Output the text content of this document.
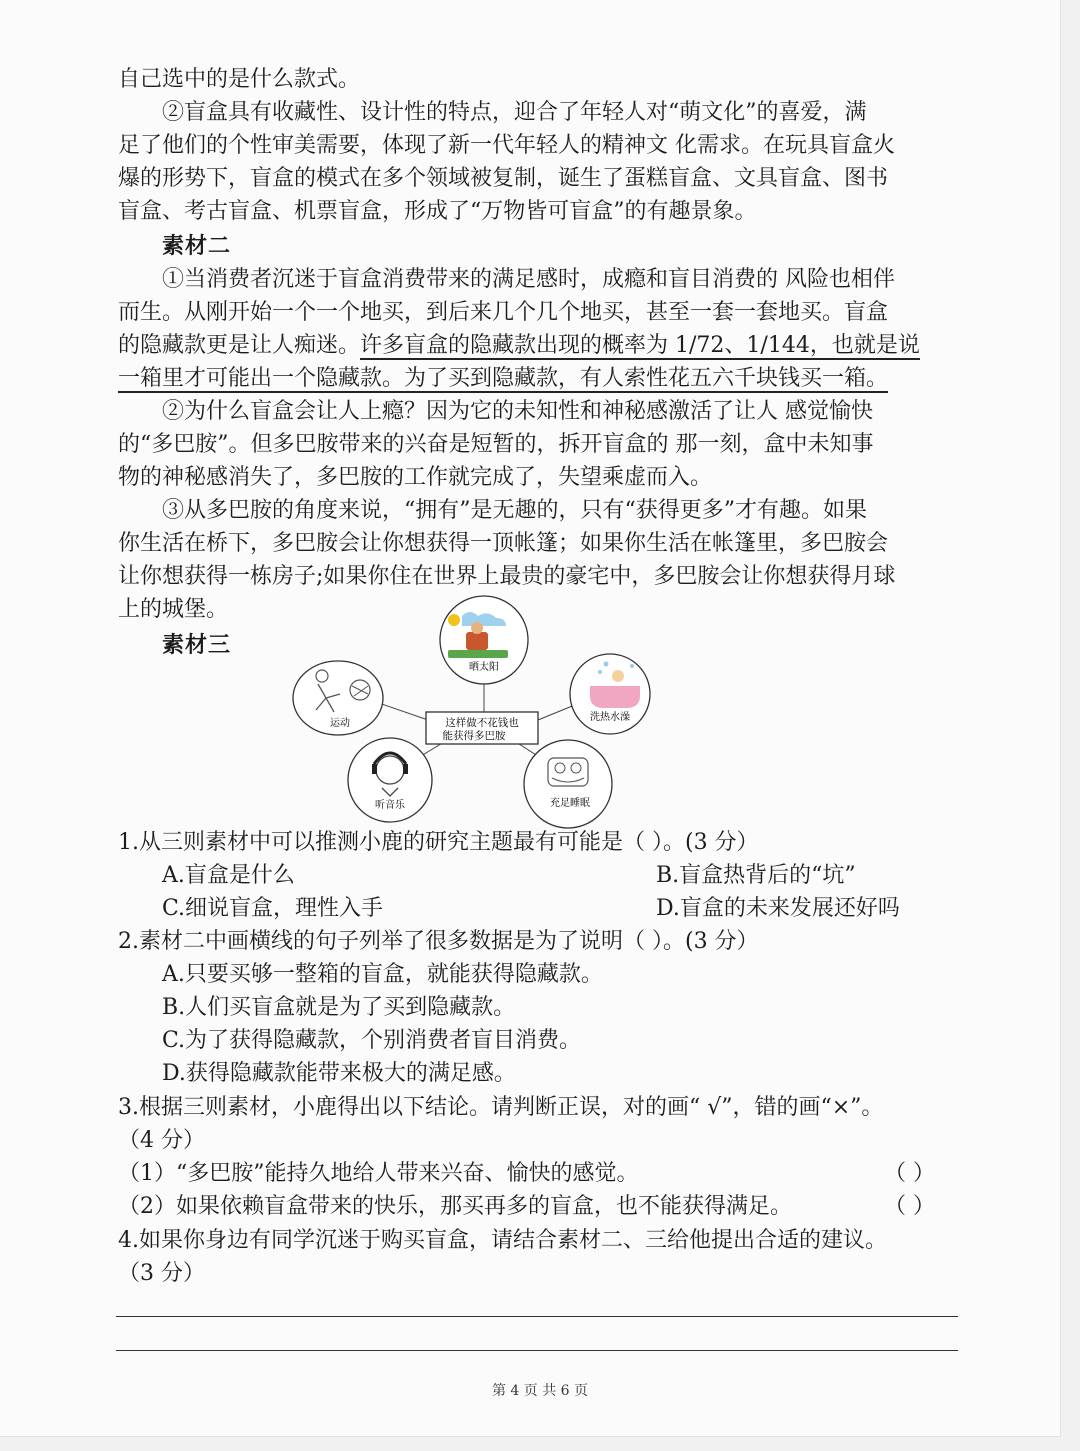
自己选中的是什么款式。
②盲盒具有收藏性、设计性的特点，迎合了年轻人对“萌文化”的喜爱，满
足了他们的个性审美需要，体现了新一代年轻人的精神文 化需求。在玩具盲盒火
爆的形势下，盲盒的模式在多个领域被复制，诞生了蛋糕盲盒、文具盲盒、图书
盲盒、考古盲盒、机票盲盒，形成了“万物皆可盲盒”的有趣景象。
素材二
①当消费者沉迷于盲盒消费带来的满足感时，成瘾和盲目消费的 风险也相伴
而生。从刚开始一个一个地买，到后来几个几个地买，甚至一套一套地买。盲盒
的隐藏款更是让人痴迷。许多盲盒的隐藏款出现的概率为 1/72、1/144，也就是说
一箱里才可能出一个隐藏款。为了买到隐藏款，有人索性花五六千块钱买一箱。
②为什么盲盒会让人上瘾？因为它的未知性和神秘感激活了让人 感觉愉快
的“多巴胺”。但多巴胺带来的兴奋是短暂的，拆开盲盒的 那一刻，盒中未知事
物的神秘感消失了，多巴胺的工作就完成了，失望乘虚而入。
③从多巴胺的角度来说，“拥有”是无趣的，只有“获得更多”才有趣。如果
你生活在桥下，多巴胺会让你想获得一顶帐篷；如果你生活在帐篷里，多巴胺会
让你想获得一栋房子;如果你住在世界上最贵的豪宅中，多巴胺会让你想获得月球
上的城堡。
素材三
这样做不花钱也
能获得多巴胺
晒太阳
运动
洗热水澡
听音乐	充足睡眠
1.从三则素材中可以推测小鹿的研究主题最有可能是（ ）。(3 分）
A.盲盒是什么	B.盲盒热背后的“坑”
C.细说盲盒，理性入手	D.盲盒的未来发展还好吗
2.素材二中画横线的句子列举了很多数据是为了说明（ ）。(3 分）
A.只要买够一整箱的盲盒，就能获得隐藏款。
B.人们买盲盒就是为了买到隐藏款。
C.为了获得隐藏款，个别消费者盲目消费。
D.获得隐藏款能带来极大的满足感。
3.根据三则素材，小鹿得出以下结论。请判断正误，对的画“ √”，错的画“×”。
（4 分）
（1）“多巴胺”能持久地给人带来兴奋、愉快的感觉。	（ ）
（2）如果依赖盲盒带来的快乐，那买再多的盲盒，也不能获得满足。	（ ）
4.如果你身边有同学沉迷于购买盲盒，请结合素材二、三给他提出合适的建议。
（3 分）
第 4 页 共 6 页
